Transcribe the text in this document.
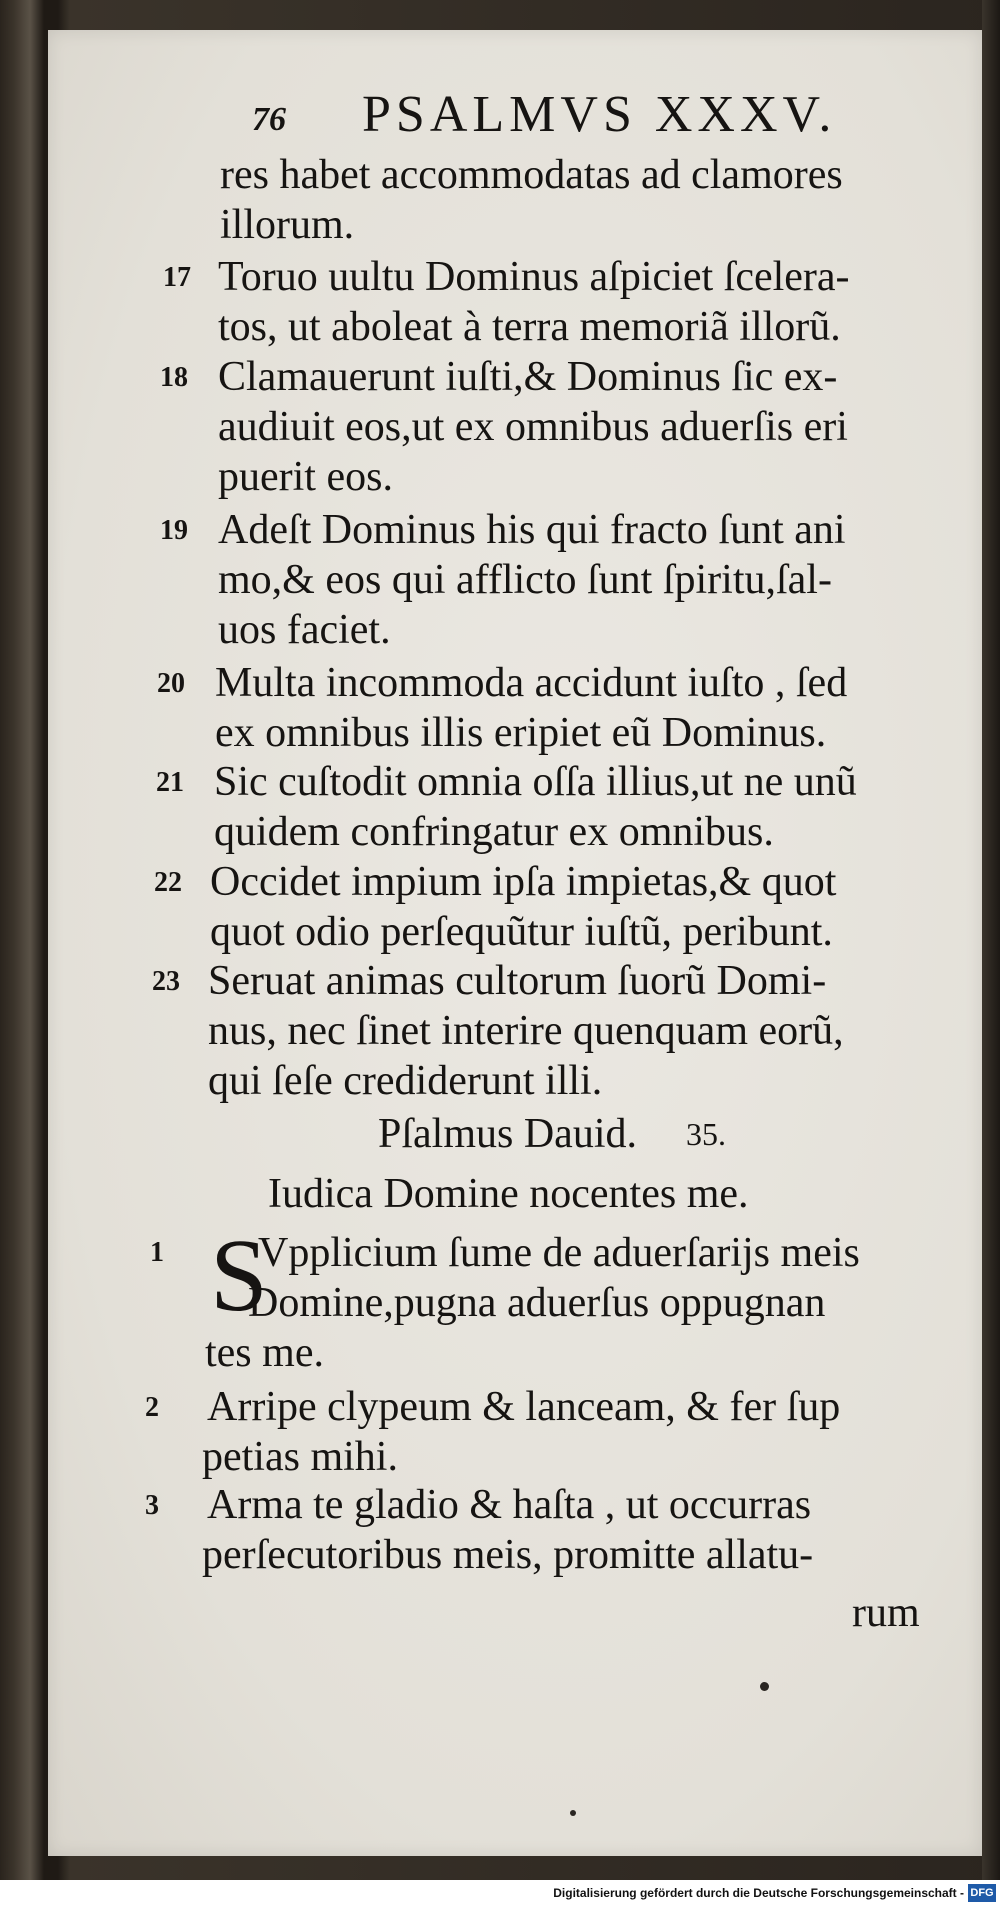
76 PSALMVS XXXV.
res habet accommodatas ad clamores
illorum.
17 Toruo uultu Dominus aſpiciet ſcelera-
tos, ut aboleat à terra memoriã illorũ.
18 Clamauerunt iuſti,& Dominus ſic ex-
audiuit eos,ut ex omnibus aduerſis eri
puerit eos.
19 Adeſt Dominus his qui fracto ſunt ani
mo,& eos qui afflicto ſunt ſpiritu,ſal-
uos faciet.
20 Multa incommoda accidunt iuſto , ſed
ex omnibus illis eripiet eũ Dominus.
21 Sic cuſtodit omnia oſſa illius,ut ne unũ
quidem confringatur ex omnibus.
22 Occidet impium ipſa impietas,& quot
quot odio perſequũtur iuſtũ, peribunt.
23 Seruat animas cultorum ſuorũ Domi-
nus, nec ſinet interire quenquam eorũ,
qui ſeſe crediderunt illi.
Pſalmus Dauid. 35.
Iudica Domine nocentes me.
1 S
Vpplicium ſume de aduerſarijs meis
Domine,pugna aduerſus oppugnan
tes me.
2 Arripe clypeum & lanceam, & fer ſup
petias mihi.
3 Arma te gladio & haſta , ut occurras
perſecutoribus meis, promitte allatu-
rum
Digitalisierung gefördert durch die Deutsche Forschungsgemeinschaft - DFG
